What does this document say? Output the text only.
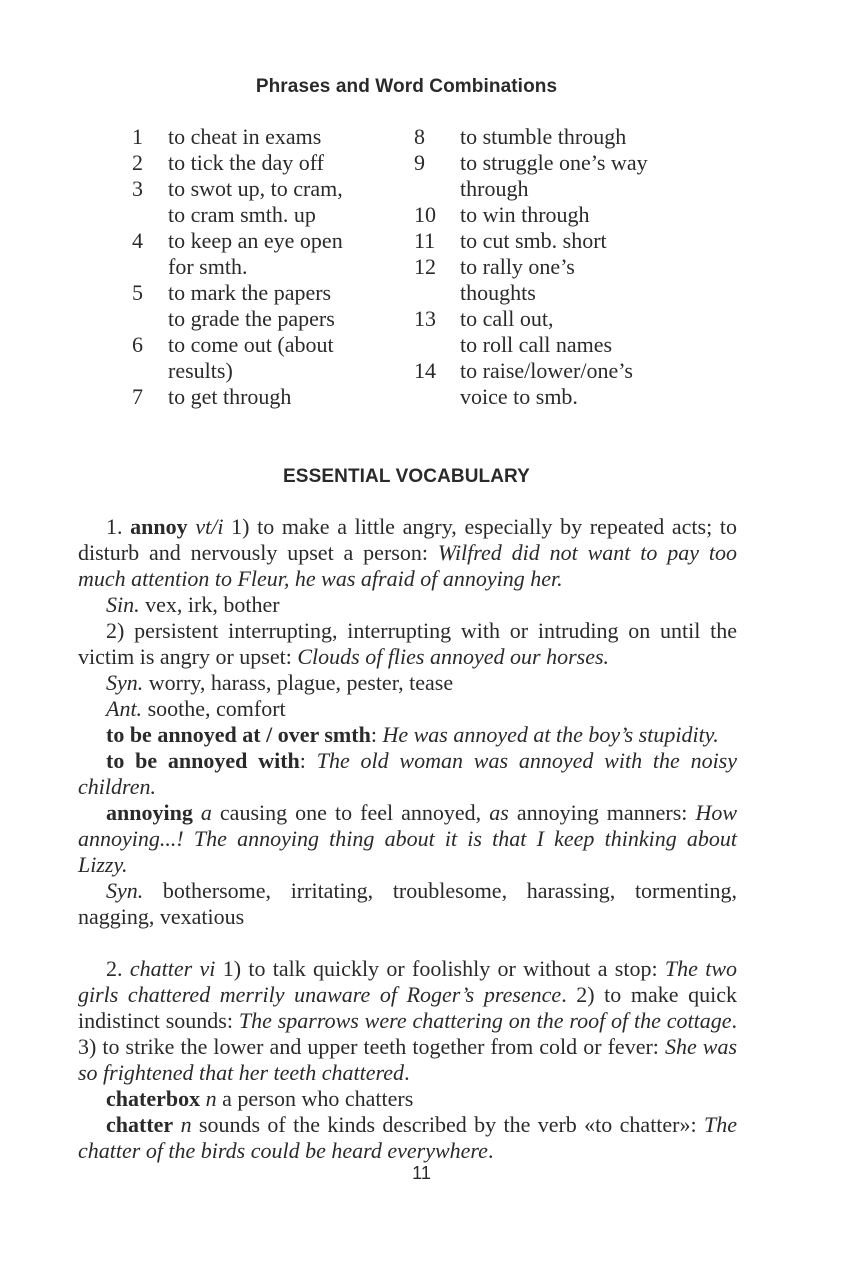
Phrases and Word Combinations
1	to cheat in exams
2	to tick the day off
3	to swot up, to cram,
to cram smth. up
4	to keep an eye open
for smth.
5	to mark the papers
to grade the papers
6	to come out (about
results)
7	to get through
8	to stumble through
9	to struggle one’s way
through
10	to win through
11	to cut smb. short
12	to rally one’s
thoughts
13	to call out,
to roll call names
14	to raise/lower/one’s
voice to smb.
ESSENTIAL VOCABULARY

1. annoy vt/i 1) to make a little angry, especially by repeated acts; to disturb and nervously upset a person: Wilfred did not want to pay too much attention to Fleur, he was afraid of annoying her.

Sin. vex, irk, bother

2) persistent interrupting, interrupting with or intruding on until the victim is angry or upset: Clouds of flies annoyed our horses.

Syn. worry, harass, plague, pester, tease

Ant. soothe, comfort

to be annoyed at / over smth: He was annoyed at the boy’s stupidity.

to be annoyed with: The old woman was annoyed with the noisy children.

annoying a causing one to feel annoyed, as annoying manners: How annoying...! The annoying thing about it is that I keep thinking about Lizzy.

Syn. bothersome, irritating, troublesome, harassing, tormenting, nagging, vexatious

2. chatter vi 1) to talk quickly or foolishly or without a stop: The two girls chattered merrily unaware of Roger’s presence. 2) to make quick indistinct sounds: The sparrows were chattering on the roof of the cottage. 3) to strike the lower and upper teeth together from cold or fever: She was so frightened that her teeth chattered.

chaterbox n a person who chatters

chatter n sounds of the kinds described by the verb «to chatter»: The chatter of the birds could be heard everywhere.

11
